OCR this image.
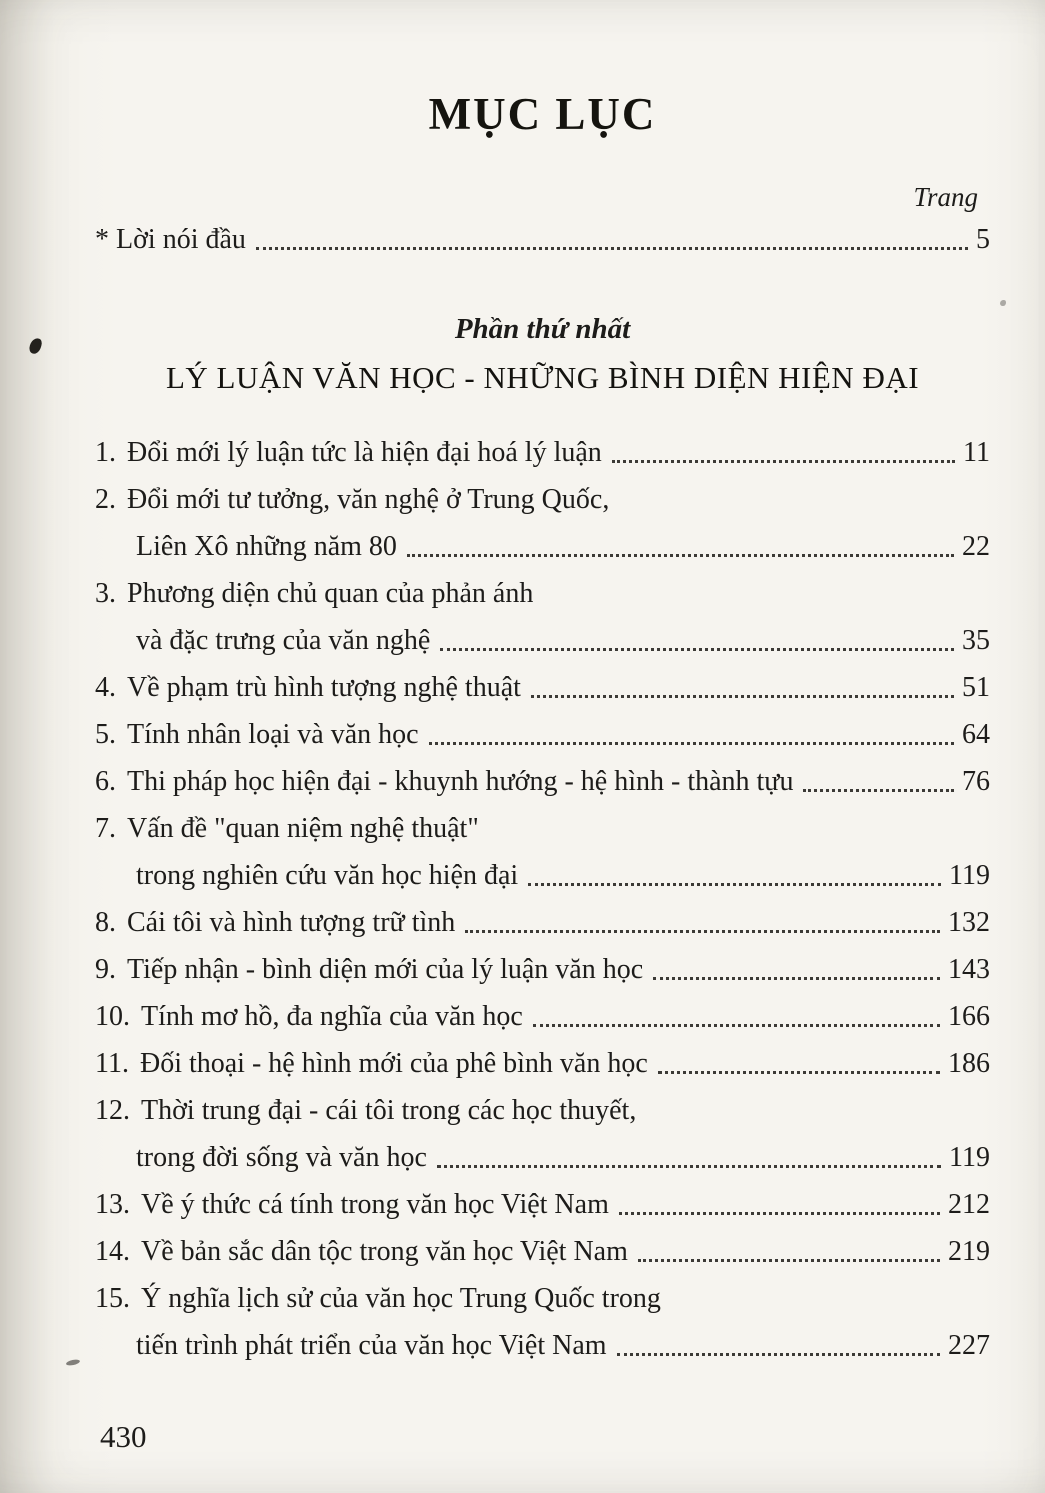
MỤC LỤC
Trang
* Lời nói đầu	5
Phần thứ nhất
LÝ LUẬN VĂN HỌC - NHỮNG BÌNH DIỆN HIỆN ĐẠI
1. Đổi mới lý luận tức là hiện đại hoá lý luận	11
2. Đổi mới tư tưởng, văn nghệ ở Trung Quốc,
Liên Xô những năm 80	22
3. Phương diện chủ quan của phản ánh
và đặc trưng của văn nghệ	35
4. Về phạm trù hình tượng nghệ thuật	51
5. Tính nhân loại và văn học	64
6. Thi pháp học hiện đại - khuynh hướng - hệ hình - thành tựu	76
7. Vấn đề "quan niệm nghệ thuật"
trong nghiên cứu văn học hiện đại	119
8. Cái tôi và hình tượng trữ tình	132
9. Tiếp nhận - bình diện mới của lý luận văn học	143
10. Tính mơ hồ, đa nghĩa của văn học	166
11. Đối thoại - hệ hình mới của phê bình văn học	186
12. Thời trung đại - cái tôi trong các học thuyết,
trong đời sống và văn học	119
13. Về ý thức cá tính trong văn học Việt Nam	212
14. Về bản sắc dân tộc trong văn học Việt Nam	219
15. Ý nghĩa lịch sử của văn học Trung Quốc trong
tiến trình phát triển của văn học Việt Nam	227
430
